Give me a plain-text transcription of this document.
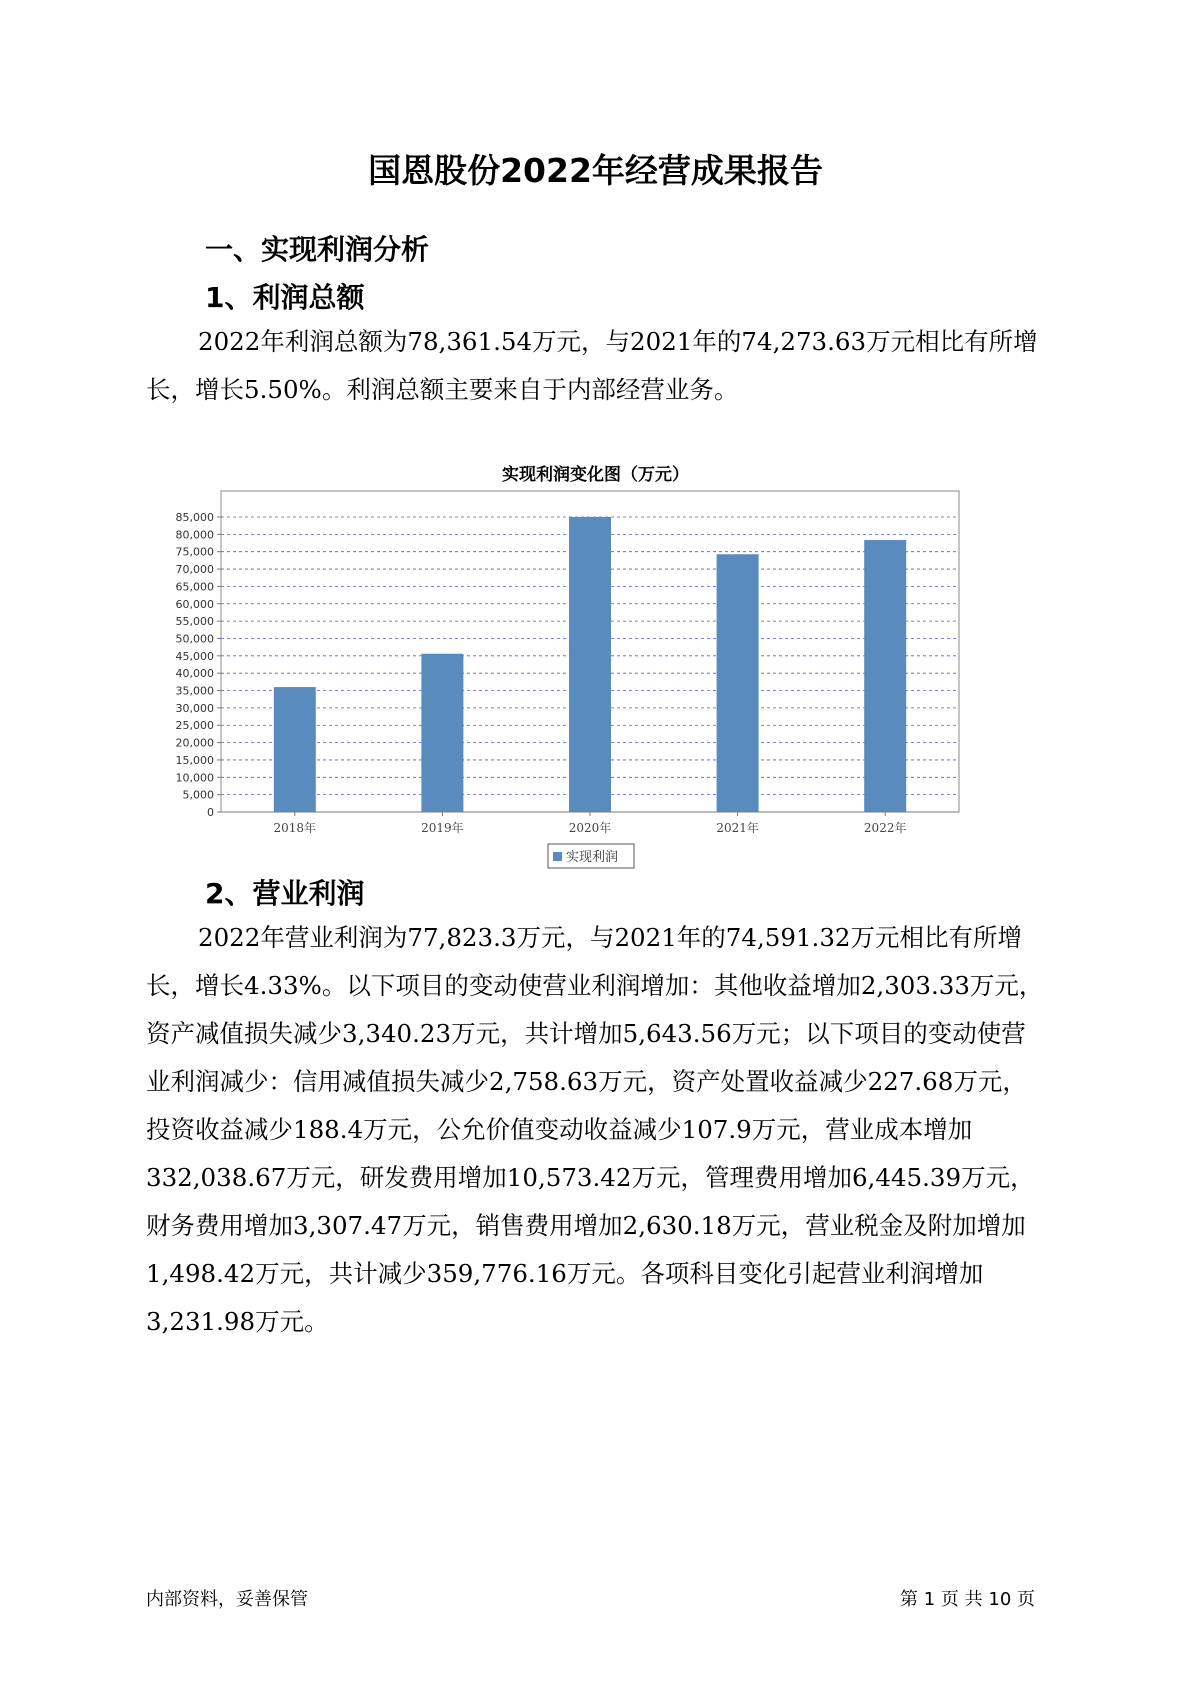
国恩股份2022年经营成果报告
一、实现利润分析
1、利润总额
2022年利润总额为78,361.54万元，与2021年的74,273.63万元相比有所增长，增长5.50%。利润总额主要来自于内部经营业务。
实现利润变化图（万元）
0
5,000
10,000
15,000
20,000
25,000
30,000
35,000
40,000
45,000
50,000
55,000
60,000
65,000
70,000
75,000
80,000
85,000
2018年	2019年	2020年	2021年	2022年
实现利润
2、营业利润
2022年营业利润为77,823.3万元，与2021年的74,591.32万元相比有所增长，增长4.33%。以下项目的变动使营业利润增加：其他收益增加2,303.33万元，资产减值损失减少3,340.23万元，共计增加5,643.56万元；以下项目的变动使营业利润减少：信用减值损失减少2,758.63万元，资产处置收益减少227.68万元，投资收益减少188.4万元，公允价值变动收益减少107.9万元，营业成本增加332,038.67万元，研发费用增加10,573.42万元，管理费用增加6,445.39万元，财务费用增加3,307.47万元，销售费用增加2,630.18万元，营业税金及附加增加1,498.42万元，共计减少359,776.16万元。各项科目变化引起营业利润增加3,231.98万元。
内部资料，妥善保管	第 1 页 共 10 页
